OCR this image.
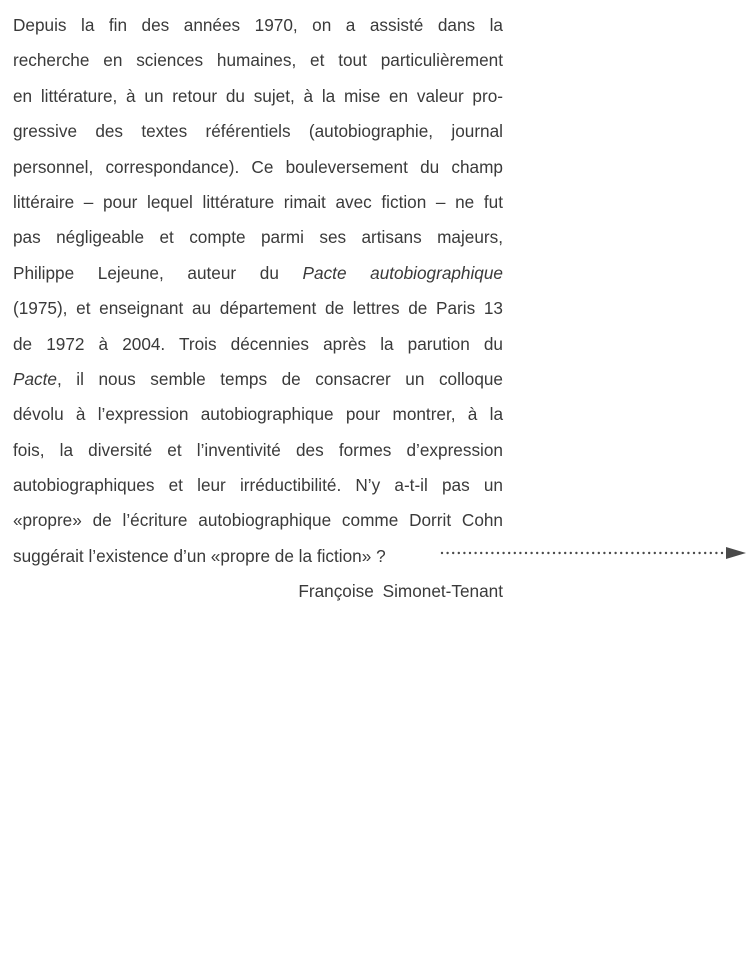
Depuis la fin des années 1970, on a assisté dans la
recherche en sciences humaines, et tout particulièrement
en littérature, à un retour du sujet, à la mise en valeur pro-
gressive des textes référentiels (autobiographie, journal
personnel, correspondance). Ce bouleversement du champ
littéraire – pour lequel littérature rimait avec fiction – ne fut
pas négligeable et compte parmi ses artisans majeurs,
Philippe Lejeune, auteur du Pacte autobiographique
(1975), et enseignant au département de lettres de Paris 13
de 1972 à 2004. Trois décennies après la parution du
Pacte, il nous semble temps de consacrer un colloque
dévolu à l’expression autobiographique pour montrer, à la
fois, la diversité et l’inventivité des formes d’expression
autobiographiques et leur irréductibilité. N’y a-t-il pas un
«propre» de l’écriture autobiographique comme Dorrit Cohn
suggérait l’existence d’un «propre de la fiction» ?
Françoise Simonet-Tenant
